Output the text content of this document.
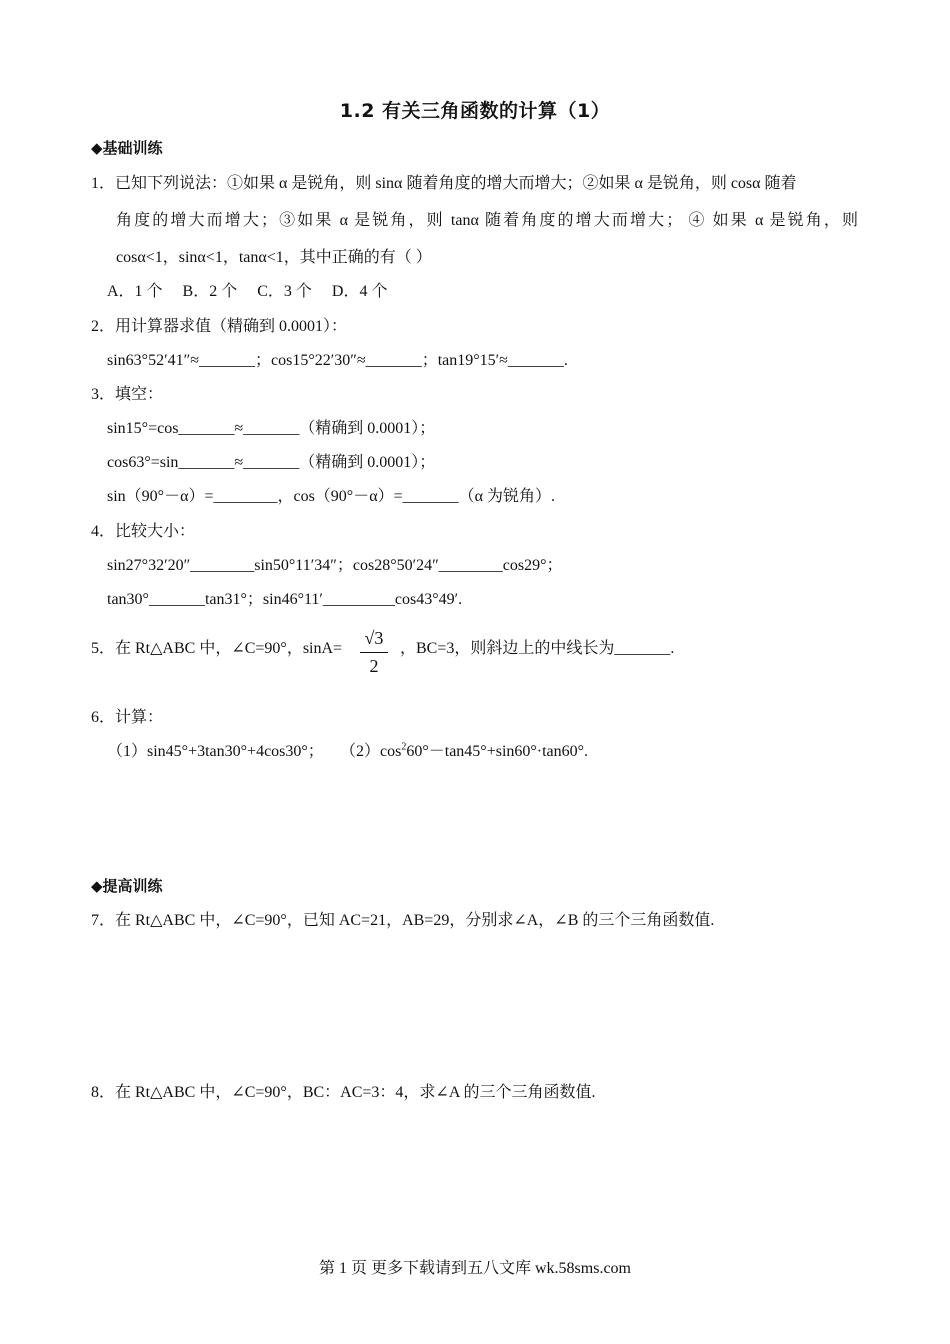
1.2 有关三角函数的计算（1）
◆基础训练
1．已知下列说法：①如果 α 是锐角，则 sinα 随着角度的增大而增大；②如果 α 是锐角，则 cosα 随着
角度的增大而增大；③如果 α 是锐角，则 tanα 随着角度的增大而增大； ④ 如果 α 是锐角，则
cosα<1，sinα<1，tanα<1，其中正确的有（ ）
A．1 个　 B．2 个　 C．3 个　 D．4 个
2．用计算器求值（精确到 0.0001）：
sin63°52′41″≈_______；cos15°22′30″≈_______；tan19°15′≈_______.
3．填空：
sin15°=cos_______≈_______（精确到 0.0001）；
cos63°=sin_______≈_______（精确到 0.0001）；
sin（90°－α）=________，cos（90°－α）=_______（α 为锐角）.
4．比较大小：
sin27°32′20″________sin50°11′34″；cos28°50′24″________cos29°；
tan30°_______tan31°；sin46°11′_________cos43°49′.
5．在 Rt△ABC 中，∠C=90°，$\sin A= \frac{√3}{2}$ ，BC=3，则斜边上的中线长为_______.
6．计算：
（1）sin45°+3tan30°+4cos30°； $(2)\cos^260^\circ-\tan 45^\circ+\sin 60^\circ\cdot\tan 60^\circ$.
◆提高训练
7．在 Rt△ABC 中，∠C=90°，已知 AC=21，AB=29，分别求∠A，∠B 的三个三角函数值.
8．在 Rt△ABC 中，∠C=90°，BC：AC=3：4，求∠A 的三个三角函数值.
第 1 页 更多下载请到五八文库 wk.58sms.com
